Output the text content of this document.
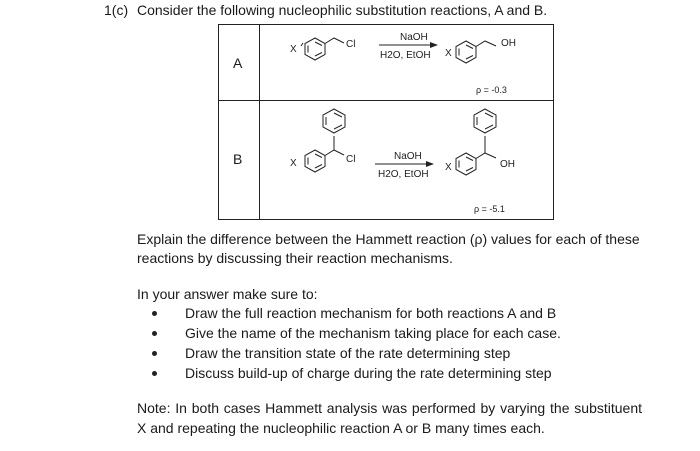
1(c) Consider the following nucleophilic substitution reactions, A and B.
A
B
X	Cl
NaOH
H2O, EtOH X
OH
ρ = -0.3
X	Cl	NaOH
H2O, EtOH
X	OH
ρ = -5.1
Explain the difference between the Hammett reaction (ρ) values for each of these reactions by discussing their reaction mechanisms.
In your answer make sure to:
Draw the full reaction mechanism for both reactions A and B
Give the name of the mechanism taking place for each case.
Draw the transition state of the rate determining step
Discuss build-up of charge during the rate determining step
Note: In both cases Hammett analysis was performed by varying the substituent X and repeating the nucleophilic reaction A or B many times each.
